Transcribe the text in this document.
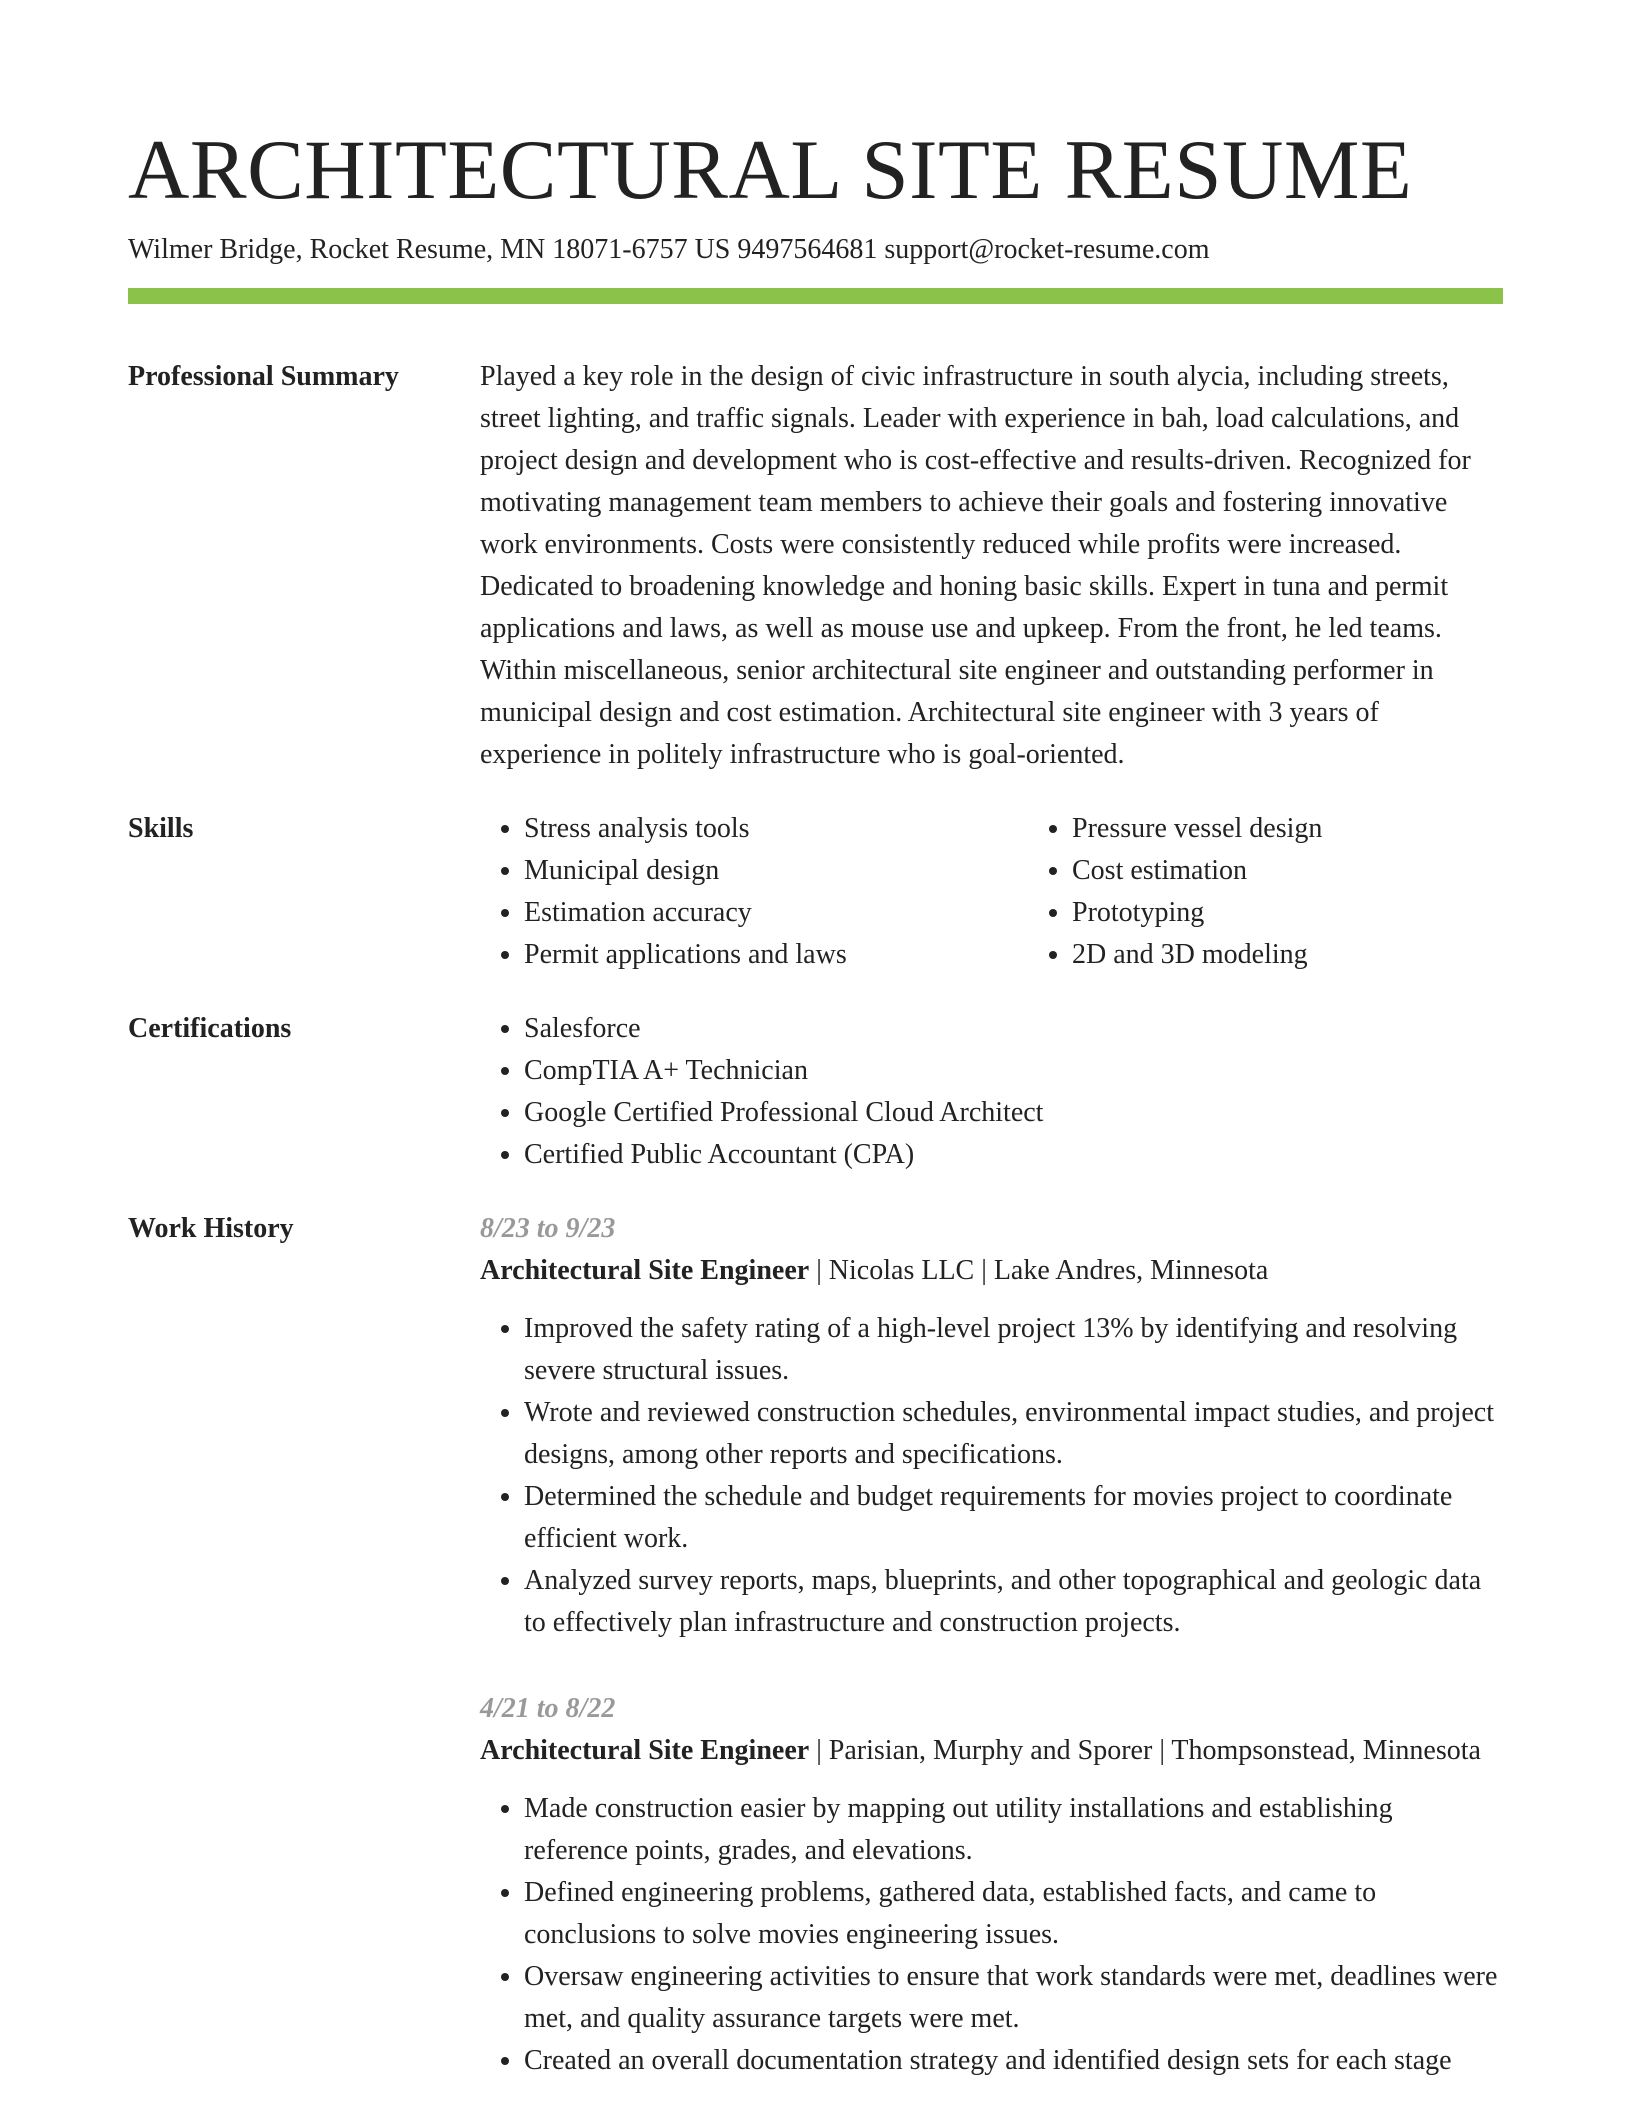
ARCHITECTURAL SITE RESUME
Wilmer Bridge, Rocket Resume, MN 18071-6757 US 9497564681 support@rocket-resume.com
Professional Summary	Played a key role in the design of civic infrastructure in south alycia, including streets, street lighting, and traffic signals. Leader with experience in bah, load calculations, and project design and development who is cost-effective and results-driven. Recognized for motivating management team members to achieve their goals and fostering innovative work environments. Costs were consistently reduced while profits were increased. Dedicated to broadening knowledge and honing basic skills. Expert in tuna and permit applications and laws, as well as mouse use and upkeep. From the front, he led teams. Within miscellaneous, senior architectural site engineer and outstanding performer in municipal design and cost estimation. Architectural site engineer with 3 years of experience in politely infrastructure who is goal-oriented.

Skills	• Stress analysis tools
• Municipal design
• Estimation accuracy
• Permit applications and laws
• Pressure vessel design
• Cost estimation
• Prototyping
• 2D and 3D modeling
Certifications	• Salesforce
• CompTIA A+ Technician
• Google Certified Professional Cloud Architect
• Certified Public Accountant (CPA)
Work History	8/23 to 9/23
Architectural Site Engineer | Nicolas LLC | Lake Andres, Minnesota
• Improved the safety rating of a high-level project 13% by identifying and resolving severe structural issues.
• Wrote and reviewed construction schedules, environmental impact studies, and project designs, among other reports and specifications.
• Determined the schedule and budget requirements for movies project to coordinate efficient work.
• Analyzed survey reports, maps, blueprints, and other topographical and geologic data to effectively plan infrastructure and construction projects.
4/21 to 8/22
Architectural Site Engineer | Parisian, Murphy and Sporer | Thompsonstead, Minnesota
• Made construction easier by mapping out utility installations and establishing reference points, grades, and elevations.
• Defined engineering problems, gathered data, established facts, and came to conclusions to solve movies engineering issues.
• Oversaw engineering activities to ensure that work standards were met, deadlines were met, and quality assurance targets were met.
• Created an overall documentation strategy and identified design sets for each stage
